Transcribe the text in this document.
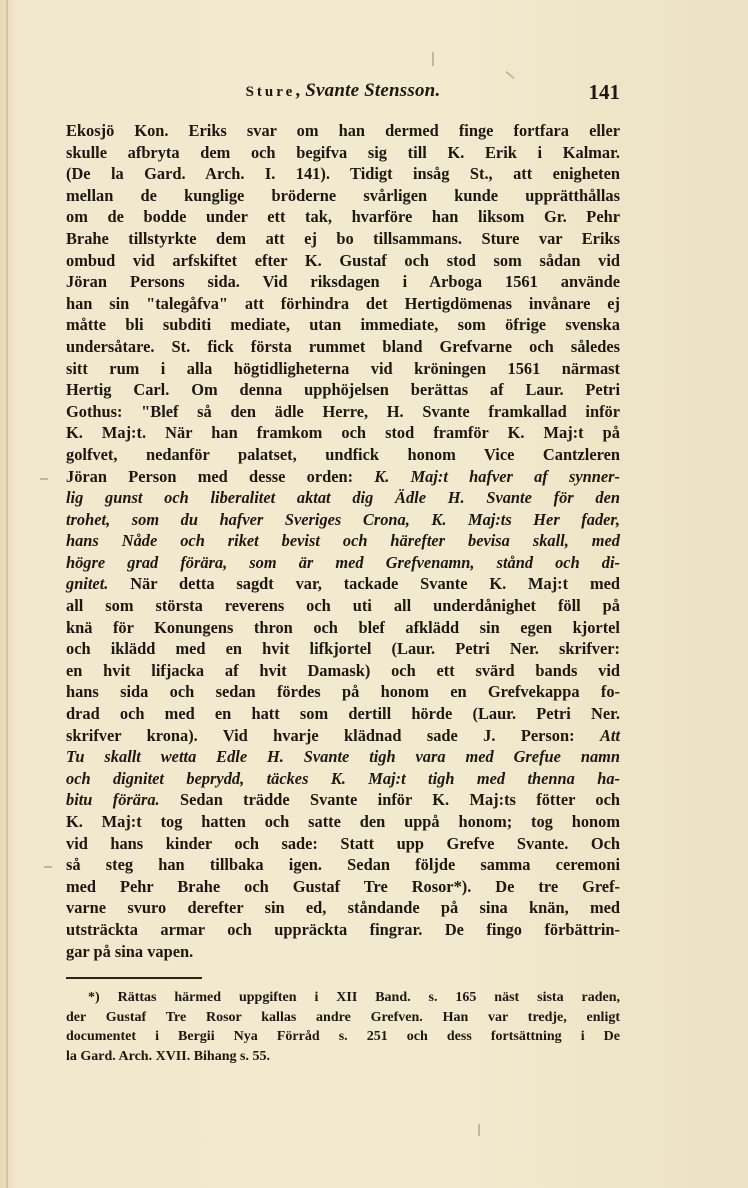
Sture, Svante Stensson.	141
Ekosjö Kon. Eriks svar om han dermed finge fortfara eller
skulle afbryta dem och begifva sig till K. Erik i Kalmar.
(De la Gard. Arch. I. 141). Tidigt insåg St., att enigheten
mellan de kunglige bröderne svårligen kunde upprätthållas
om de bodde under ett tak, hvarföre han liksom Gr. Pehr
Brahe tillstyrkte dem att ej bo tillsammans. Sture var Eriks
ombud vid arfskiftet efter K. Gustaf och stod som sådan vid
Jöran Persons sida. Vid riksdagen i Arboga 1561 använde
han sin "talegåfva" att förhindra det Hertigdömenas invånare ej
måtte bli subditi mediate, utan immediate, som öfrige svenska
undersåtare. St. fick första rummet bland Grefvarne och således
sitt rum i alla högtidligheterna vid kröningen 1561 närmast
Hertig Carl. Om denna upphöjelsen berättas af Laur. Petri
Gothus: "Blef så den ädle Herre, H. Svante framkallad inför
K. Maj:t. När han framkom och stod framför K. Maj:t på
golfvet, nedanför palatset, undfick honom Vice Cantzleren
Jöran Person med desse orden: K. Maj:t hafver af synner-
lig gunst och liberalitet aktat dig Ädle H. Svante för den
trohet, som du hafver Sveriges Crona, K. Maj:ts Her fader,
hans Nåde och riket bevist och härefter bevisa skall, med
högre grad förära, som är med Grefvenamn, stånd och di-
gnitet. När detta sagdt var, tackade Svante K. Maj:t med
all som största reverens och uti all underdånighet föll på
knä för Konungens thron och blef afklädd sin egen kjortel
och iklädd med en hvit lifkjortel (Laur. Petri Ner. skrifver:
en hvit lifjacka af hvit Damask) och ett svärd bands vid
hans sida och sedan fördes på honom en Grefvekappa fo-
drad och med en hatt som dertill hörde (Laur. Petri Ner.
skrifver krona). Vid hvarje klädnad sade J. Person: Att
Tu skallt wetta Edle H. Svante tigh vara med Grefue namn
och dignitet beprydd, täckes K. Maj:t tigh med thenna ha-
bitu förära. Sedan trädde Svante inför K. Maj:ts fötter och
K. Maj:t tog hatten och satte den uppå honom; tog honom
vid hans kinder och sade: Statt upp Grefve Svante. Och
så steg han tillbaka igen. Sedan följde samma ceremoni
med Pehr Brahe och Gustaf Tre Rosor*). De tre Gref-
varne svuro derefter sin ed, ståndande på sina knän, med
utsträckta armar och uppräckta fingrar. De fingo förbättrin-
gar på sina vapen.
*) Rättas härmed uppgiften i XII Band. s. 165 näst sista raden,
der Gustaf Tre Rosor kallas andre Grefven. Han var tredje, enligt
documentet i Bergii Nya Förråd s. 251 och dess fortsättning i De
la Gard. Arch. XVII. Bihang s. 55.
